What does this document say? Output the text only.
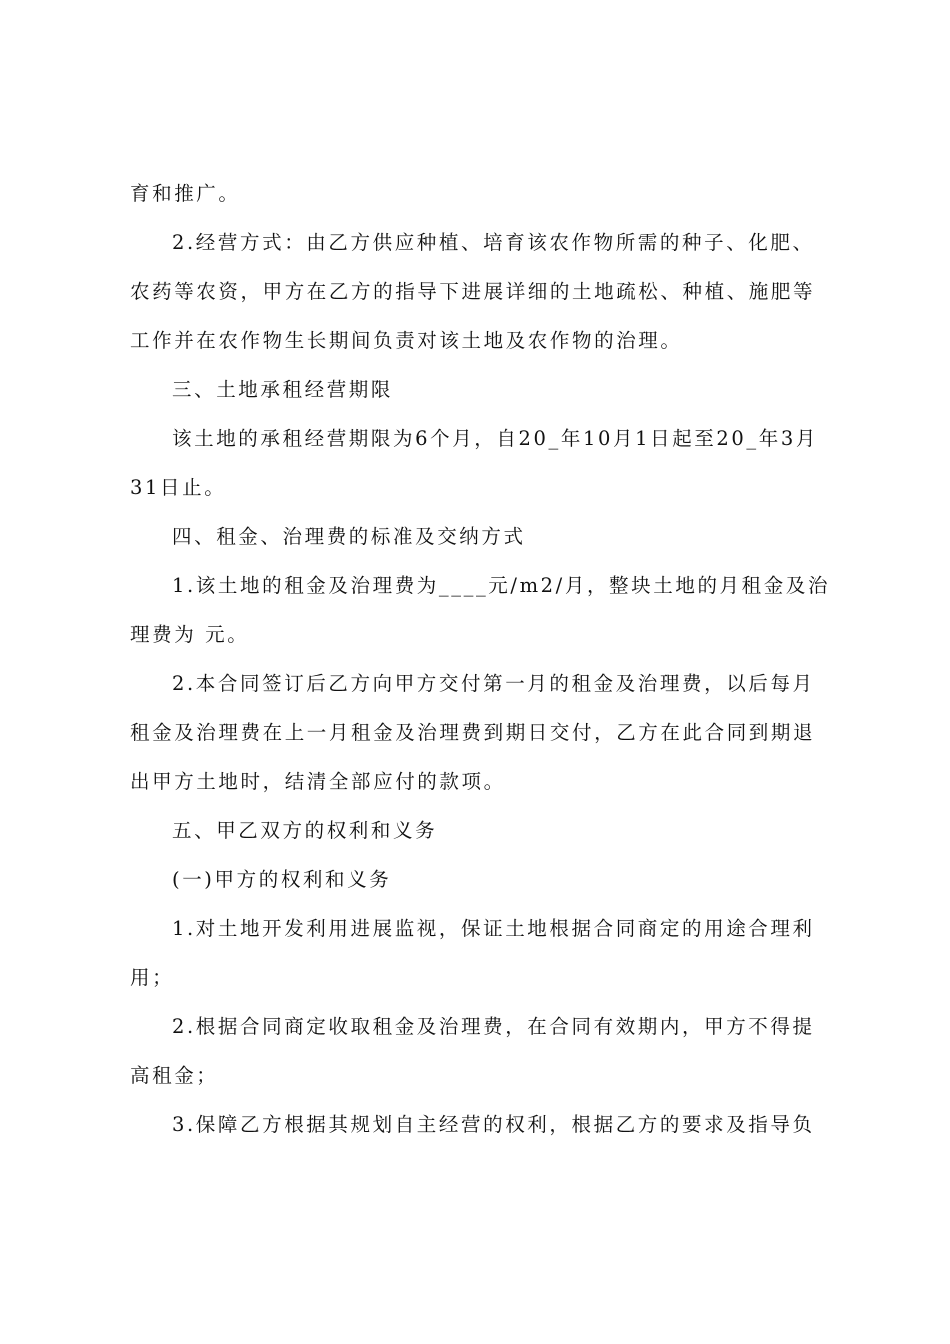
育和推广。
2.经营方式：由乙方供应种植、培育该农作物所需的种子、化肥、
农药等农资，甲方在乙方的指导下进展详细的土地疏松、种植、施肥等
工作并在农作物生长期间负责对该土地及农作物的治理。
三、土地承租经营期限
该土地的承租经营期限为6个月，自20_年10月1日起至20_年3月
31日止。
四、租金、治理费的标准及交纳方式
1.该土地的租金及治理费为____元/m2/月，整块土地的月租金及治
理费为 元。
2.本合同签订后乙方向甲方交付第一月的租金及治理费，以后每月
租金及治理费在上一月租金及治理费到期日交付，乙方在此合同到期退
出甲方土地时，结清全部应付的款项。
五、甲乙双方的权利和义务
(一)甲方的权利和义务
1.对土地开发利用进展监视，保证土地根据合同商定的用途合理利
用；
2.根据合同商定收取租金及治理费，在合同有效期内，甲方不得提
高租金；
3.保障乙方根据其规划自主经营的权利，根据乙方的要求及指导负
